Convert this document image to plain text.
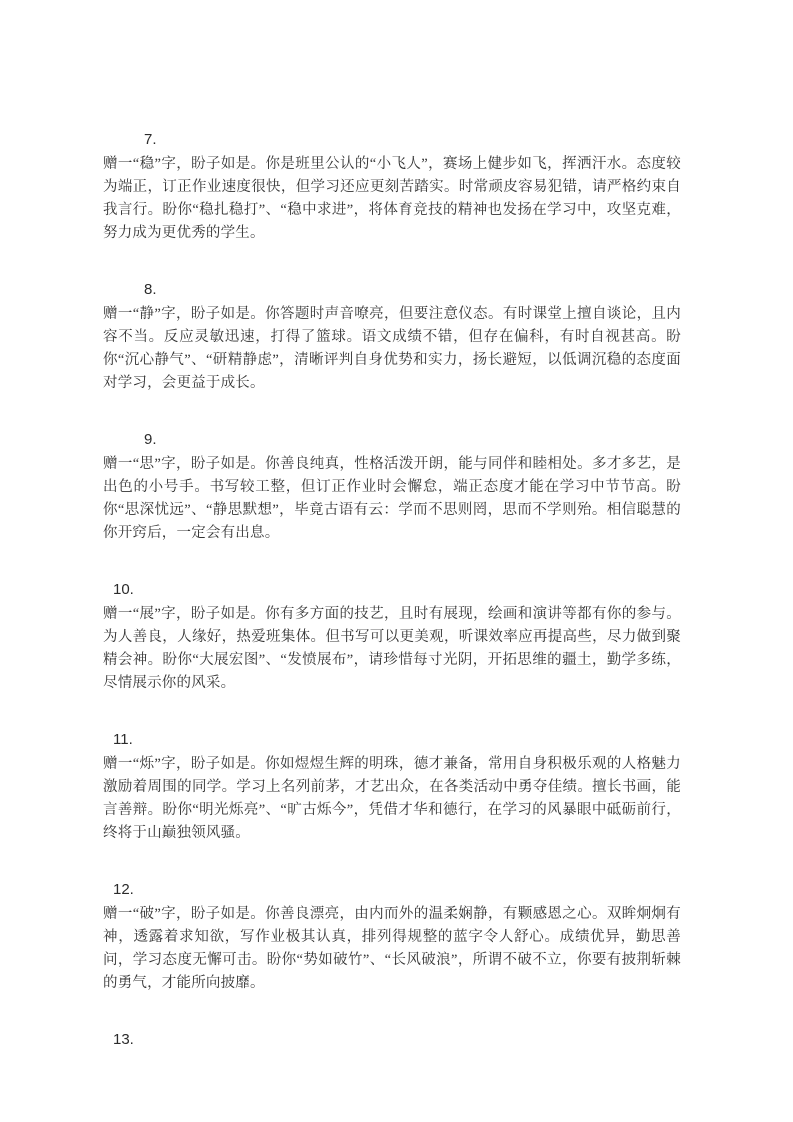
7.

赠一“稳”字，盼子如是。你是班里公认的“小飞人”，赛场上健步如飞，挥洒汗水。态度较为端正，订正作业速度很快，但学习还应更刻苦踏实。时常顽皮容易犯错，请严格约束自我言行。盼你“稳扎稳打”、“稳中求进”，将体育竞技的精神也发扬在学习中，攻坚克难，努力成为更优秀的学生。

8.

赠一“静”字，盼子如是。你答题时声音嘹亮，但要注意仪态。有时课堂上擅自谈论，且内容不当。反应灵敏迅速，打得了篮球。语文成绩不错，但存在偏科，有时自视甚高。盼你“沉心静气”、“研精静虑”，清晰评判自身优势和实力，扬长避短，以低调沉稳的态度面对学习，会更益于成长。

9.

赠一“思”字，盼子如是。你善良纯真，性格活泼开朗，能与同伴和睦相处。多才多艺，是出色的小号手。书写较工整，但订正作业时会懈怠，端正态度才能在学习中节节高。盼你“思深忧远”、“静思默想”，毕竟古语有云：学而不思则罔，思而不学则殆。相信聪慧的你开窍后，一定会有出息。

10.

赠一“展”字，盼子如是。你有多方面的技艺，且时有展现，绘画和演讲等都有你的参与。为人善良，人缘好，热爱班集体。但书写可以更美观，听课效率应再提高些，尽力做到聚精会神。盼你“大展宏图”、“发愤展布”，请珍惜每寸光阴，开拓思维的疆土，勤学多练，尽情展示你的风采。

11.

赠一“烁”字，盼子如是。你如煜煜生辉的明珠，德才兼备，常用自身积极乐观的人格魅力激励着周围的同学。学习上名列前茅，才艺出众，在各类活动中勇夺佳绩。擅长书画，能言善辩。盼你“明光烁亮”、“旷古烁今”，凭借才华和德行，在学习的风暴眼中砥砺前行，终将于山巅独领风骚。

12.

赠一“破”字，盼子如是。你善良漂亮，由内而外的温柔娴静，有颗感恩之心。双眸炯炯有神，透露着求知欲，写作业极其认真，排列得规整的蓝字令人舒心。成绩优异，勤思善问，学习态度无懈可击。盼你“势如破竹”、“长风破浪”，所谓不破不立，你要有披荆斩棘的勇气，才能所向披靡。

13.
